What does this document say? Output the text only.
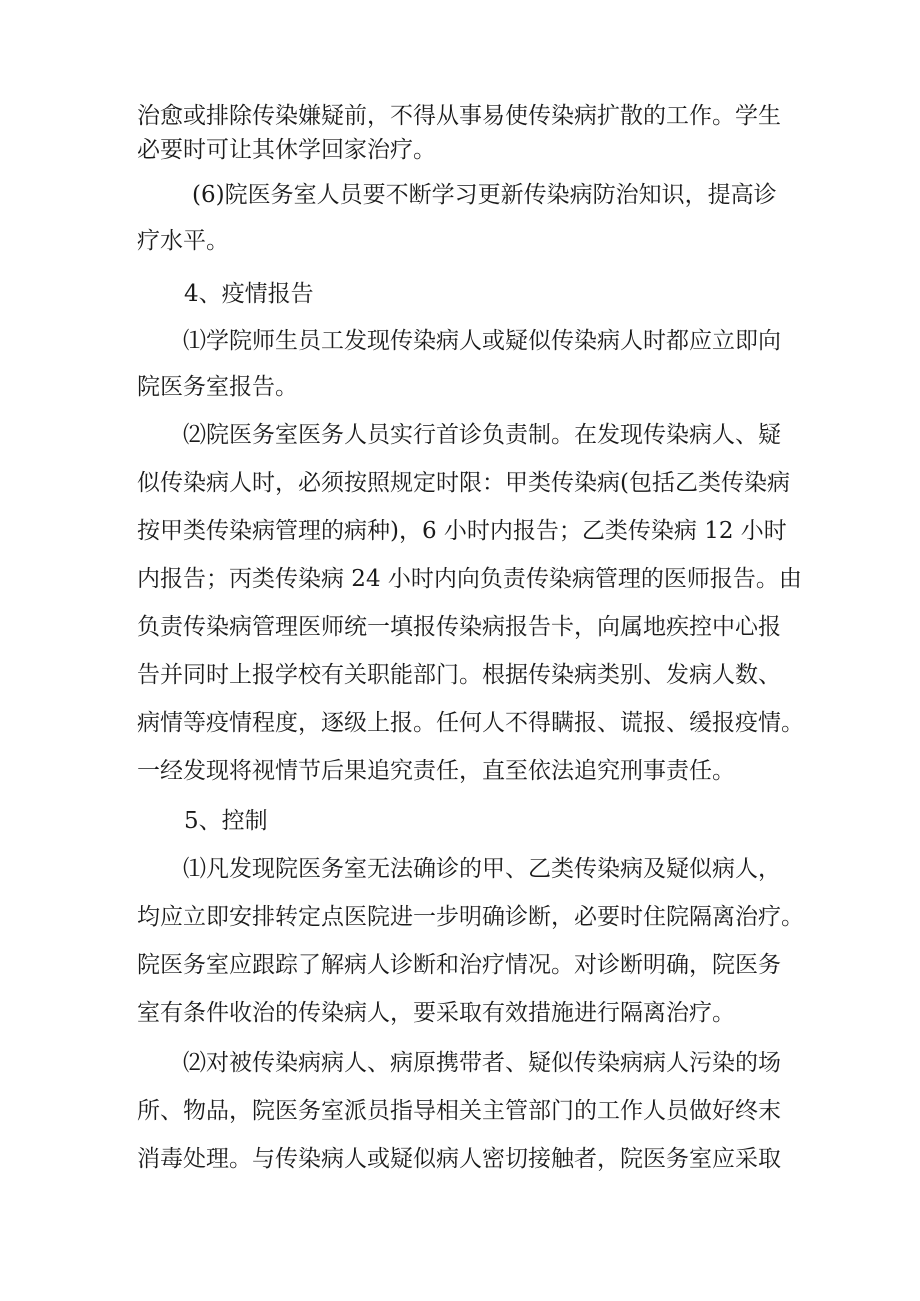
治愈或排除传染嫌疑前，不得从事易使传染病扩散的工作。学生
必要时可让其休学回家治疗。
(6)院医务室人员要不断学习更新传染病防治知识，提高诊
疗水平。
4、疫情报告
⑴学院师生员工发现传染病人或疑似传染病人时都应立即向
院医务室报告。
⑵院医务室医务人员实行首诊负责制。在发现传染病人、疑
似传染病人时，必须按照规定时限：甲类传染病(包括乙类传染病
按甲类传染病管理的病种)，6 小时内报告；乙类传染病 12 小时
内报告；丙类传染病 24 小时内向负责传染病管理的医师报告。由
负责传染病管理医师统一填报传染病报告卡，向属地疾控中心报
告并同时上报学校有关职能部门。根据传染病类别、发病人数、
病情等疫情程度，逐级上报。任何人不得瞒报、谎报、缓报疫情。
一经发现将视情节后果追究责任，直至依法追究刑事责任。
5、控制
⑴凡发现院医务室无法确诊的甲、乙类传染病及疑似病人，
均应立即安排转定点医院进一步明确诊断，必要时住院隔离治疗。
院医务室应跟踪了解病人诊断和治疗情况。对诊断明确，院医务
室有条件收治的传染病人，要采取有效措施进行隔离治疗。
⑵对被传染病病人、病原携带者、疑似传染病病人污染的场
所、物品，院医务室派员指导相关主管部门的工作人员做好终末
消毒处理。与传染病人或疑似病人密切接触者，院医务室应采取
